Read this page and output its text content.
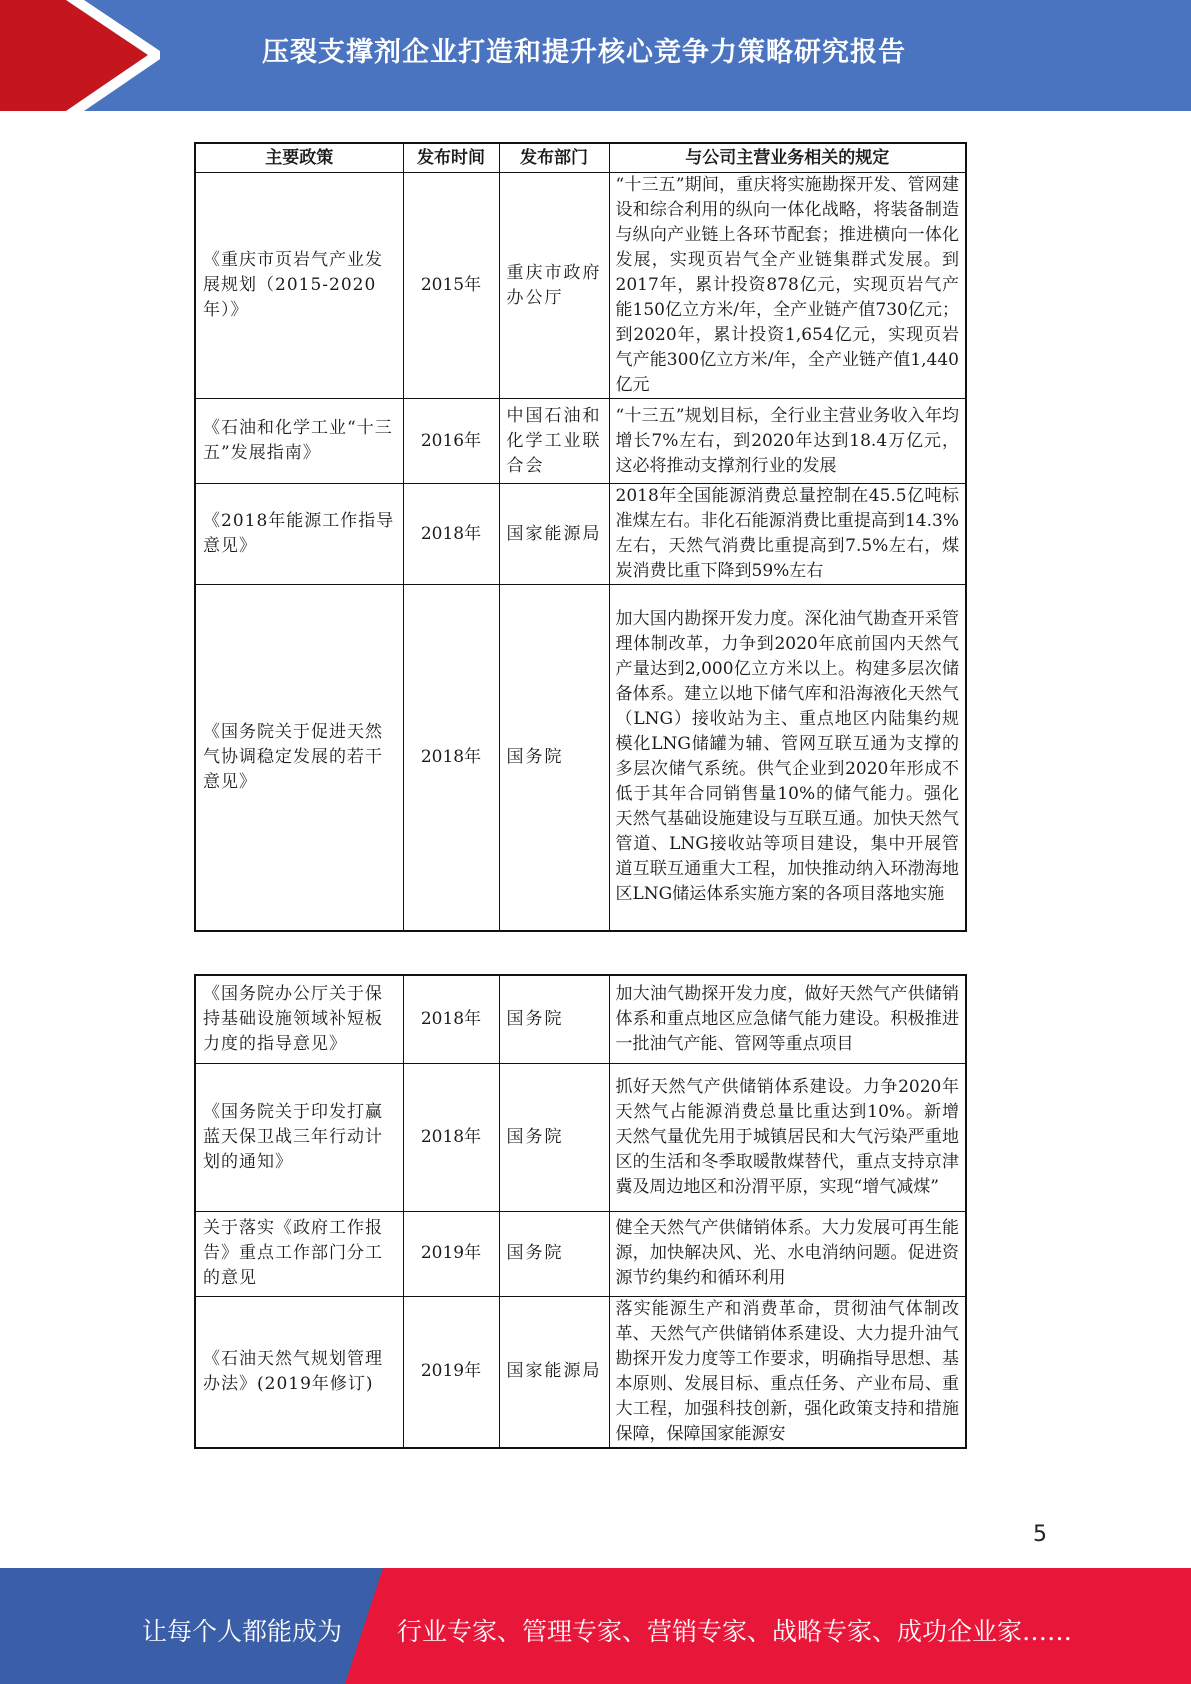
压裂支撑剂企业打造和提升核心竞争力策略研究报告
主要政策	发布时间	发布部门	与公司主营业务相关的规定
《重庆市页岩气产业发展规划（2015-2020年）》	2015年	重庆市政府办公厅	“十三五”期间，重庆将实施勘探开发、管网建设和综合利用的纵向一体化战略，将装备制造与纵向产业链上各环节配套；推进横向一体化发展，实现页岩气全产业链集群式发展。到2017年，累计投资878亿元，实现页岩气产能150亿立方米/年，全产业链产值730亿元；到2020年，累计投资1,654亿元，实现页岩气产能300亿立方米/年，全产业链产值1,440亿元
《石油和化学工业“十三五”发展指南》	2016年	中国石油和化学工业联合会	“十三五”规划目标，全行业主营业务收入年均增长7%左右，到2020年达到18.4万亿元，这必将推动支撑剂行业的发展
《2018年能源工作指导意见》	2018年	国家能源局	2018年全国能源消费总量控制在45.5亿吨标准煤左右。非化石能源消费比重提高到14.3%左右，天然气消费比重提高到7.5%左右，煤炭消费比重下降到59%左右
《国务院关于促进天然气协调稳定发展的若干意见》	2018年	国务院	加大国内勘探开发力度。深化油气勘查开采管理体制改革，力争到2020年底前国内天然气产量达到2,000亿立方米以上。构建多层次储备体系。建立以地下储气库和沿海液化天然气（LNG）接收站为主、重点地区内陆集约规模化LNG储罐为辅、管网互联互通为支撑的多层次储气系统。供气企业到2020年形成不低于其年合同销售量10%的储气能力。强化天然气基础设施建设与互联互通。加快天然气管道、LNG接收站等项目建设，集中开展管道互联互通重大工程，加快推动纳入环渤海地区LNG储运体系实施方案的各项目落地实施
《国务院办公厅关于保持基础设施领域补短板力度的指导意见》	2018年	国务院	加大油气勘探开发力度，做好天然气产供储销体系和重点地区应急储气能力建设。积极推进一批油气产能、管网等重点项目
《国务院关于印发打赢蓝天保卫战三年行动计划的通知》	2018年	国务院	抓好天然气产供储销体系建设。力争2020年天然气占能源消费总量比重达到10%。新增天然气量优先用于城镇居民和大气污染严重地区的生活和冬季取暖散煤替代，重点支持京津冀及周边地区和汾渭平原，实现“增气减煤”
关于落实《政府工作报告》重点工作部门分工的意见	2019年	国务院	健全天然气产供储销体系。大力发展可再生能源，加快解决风、光、水电消纳问题。促进资源节约集约和循环利用
《石油天然气规划管理办法》(2019年修订)	2019年	国家能源局	落实能源生产和消费革命，贯彻油气体制改革、天然气产供储销体系建设、大力提升油气勘探开发力度等工作要求，明确指导思想、基本原则、发展目标、重点任务、产业布局、重大工程，加强科技创新，强化政策支持和措施保障，保障国家能源安
5
让每个人都能成为 行业专家、管理专家、营销专家、战略专家、成功企业家……
